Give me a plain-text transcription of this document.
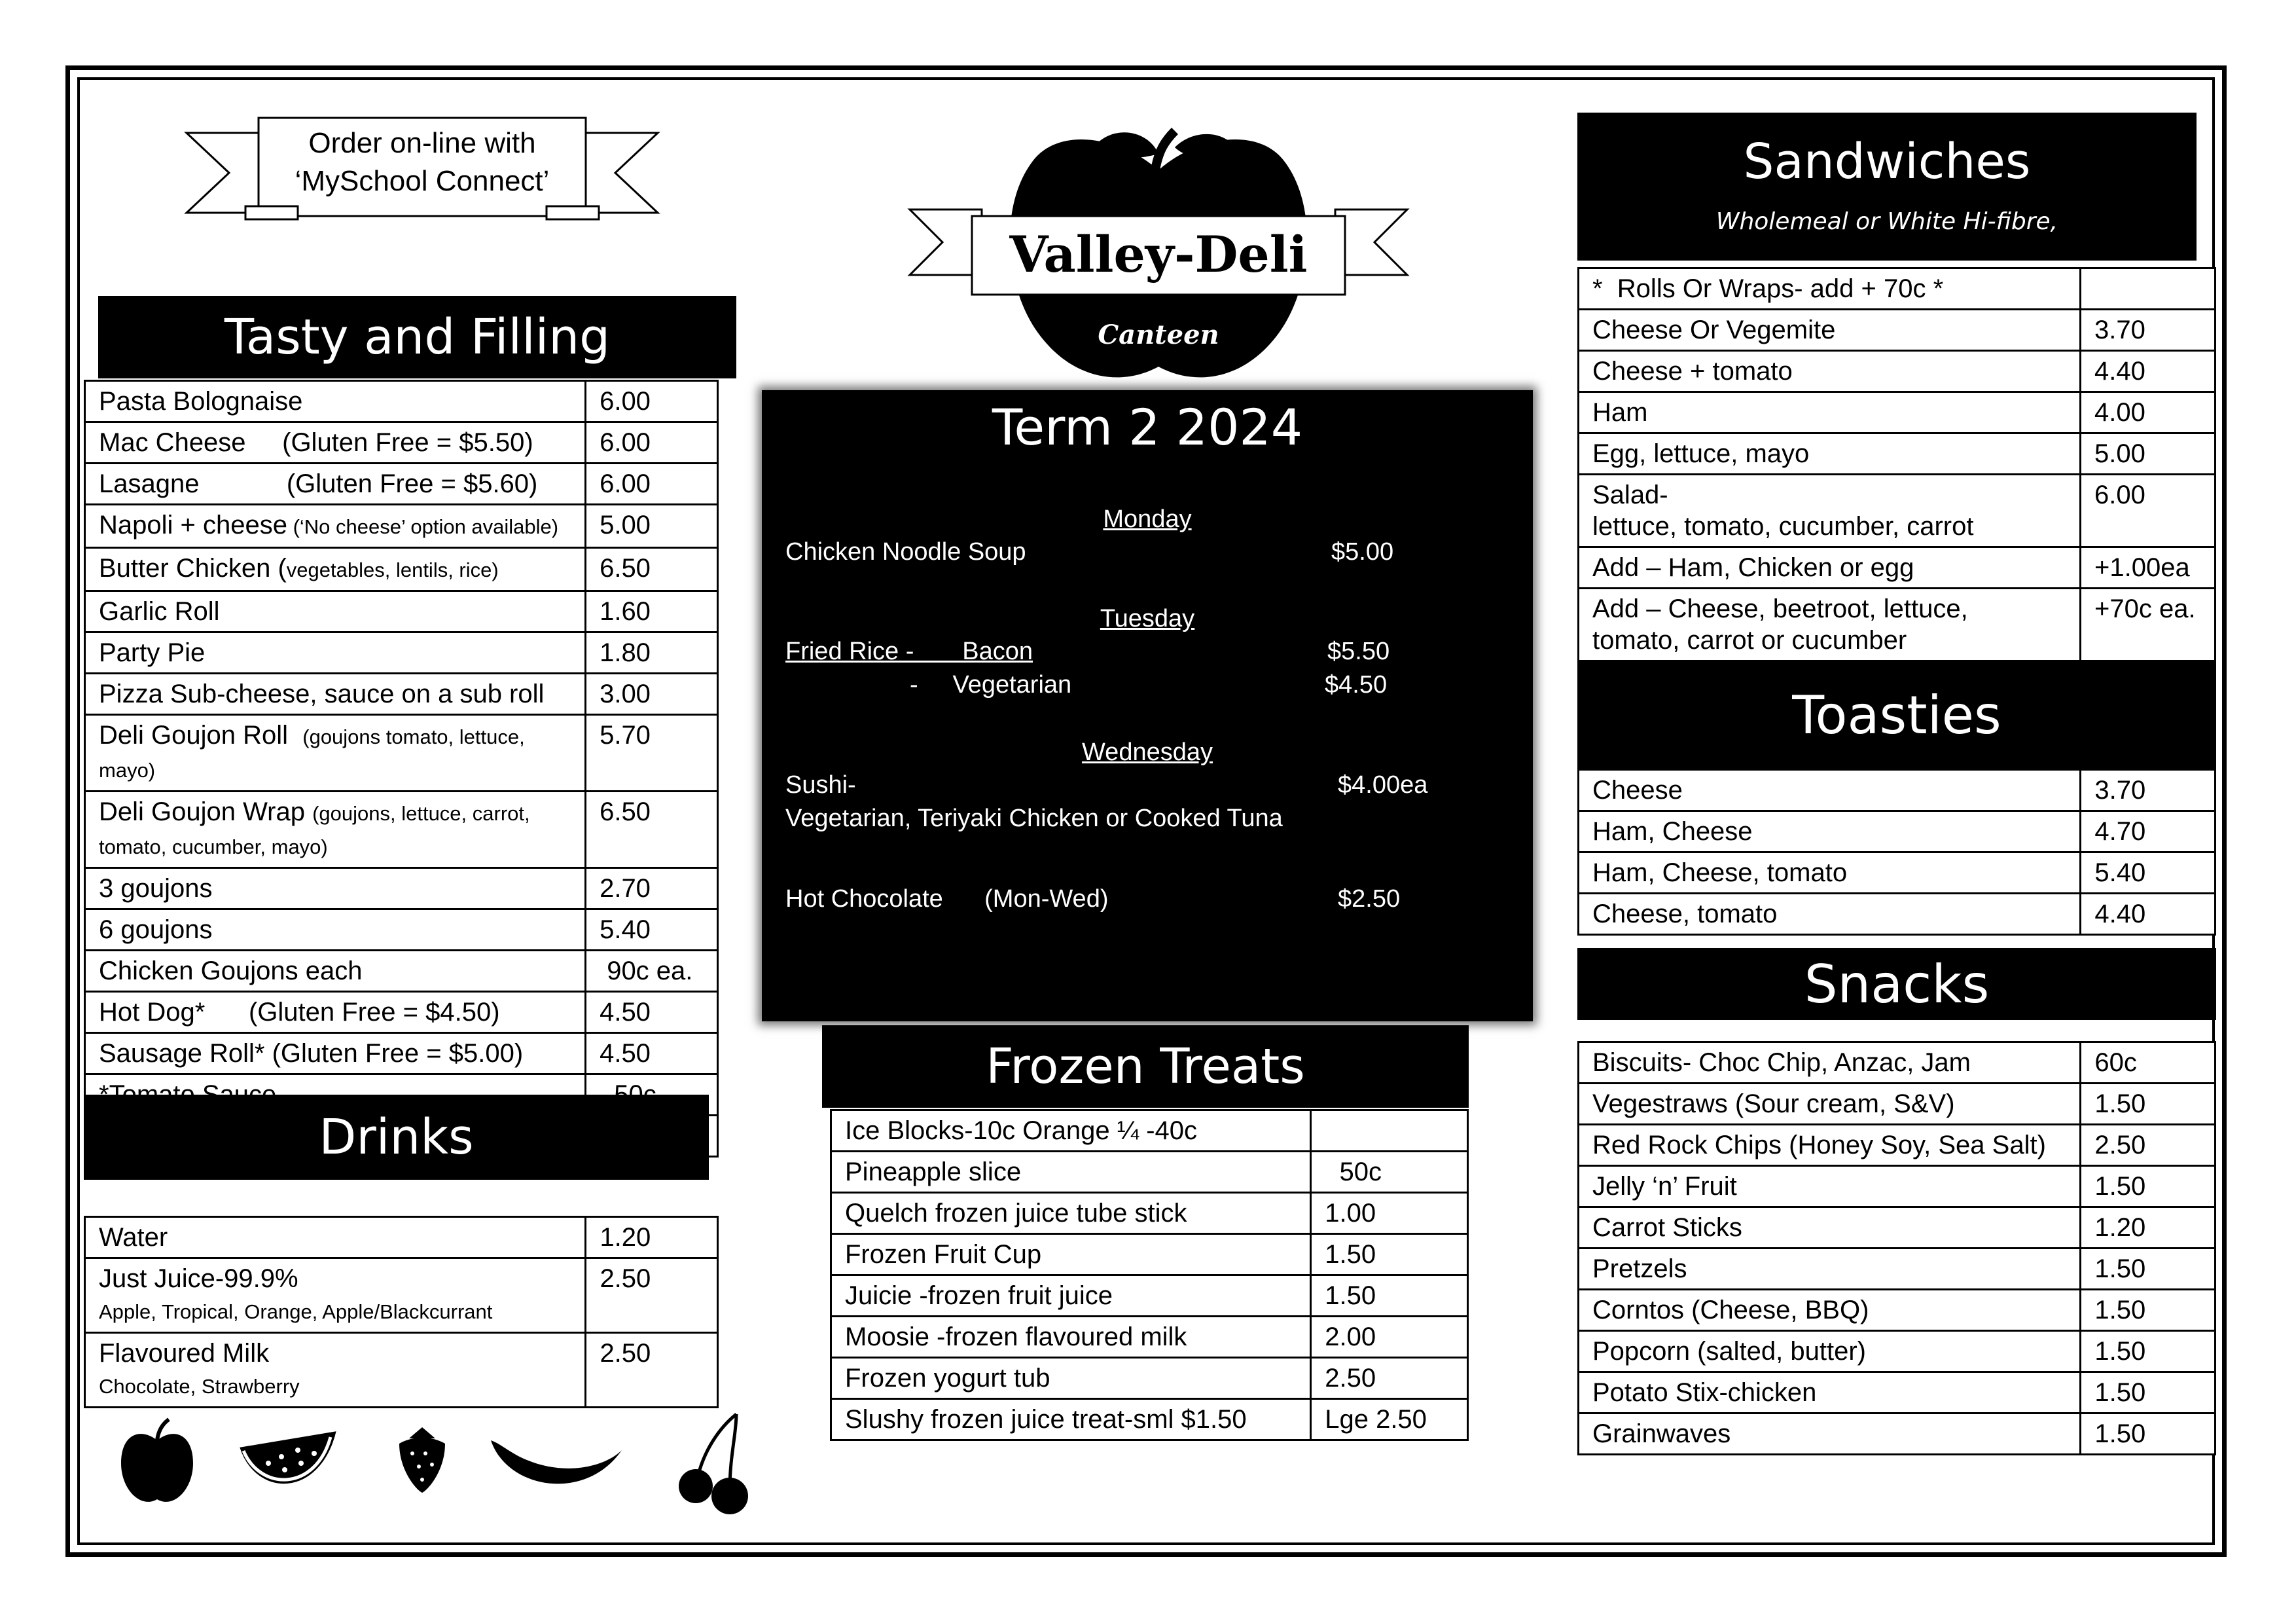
Order on-line with
‘MySchool Connect’
Valley-Deli
Canteen
Tasty and Filling
Pasta Bolognaise	6.00
Mac Cheese     (Gluten Free = $5.50)	6.00
Lasagne            (Gluten Free = $5.60)	6.00
Napoli + cheese (‘No cheese’ option available)	5.00
Butter Chicken (vegetables, lentils, rice)	6.50
Garlic Roll	1.60
Party Pie	1.80
Pizza Sub-cheese, sauce on a sub roll	3.00
Deli Goujon Roll  (goujons tomato, lettuce, mayo)	5.70
Deli Goujon Wrap (goujons, lettuce, carrot, tomato, cucumber, mayo)	6.50
3 goujons	2.70
6 goujons	5.40
Chicken Goujons each	90c ea.
Hot Dog*      (Gluten Free = $4.50)	4.50
Sausage Roll* (Gluten Free = $5.00)	4.50

Drinks
Water	1.20
Just Juice-99.9%
Apple, Tropical, Orange, Apple/Blackcurrant	2.50
Flavoured Milk
Chocolate, Strawberry	2.50
Term 2 2024
Monday
Chicken Noodle Soup	$5.00
Tuesday
Fried Rice -       Bacon	$5.50
-     Vegetarian	$4.50
Wednesday
Sushi-	$4.00ea
Vegetarian, Teriyaki Chicken or Cooked Tuna
Hot Chocolate      (Mon-Wed)	$2.50
Frozen Treats
Ice Blocks-10c Orange ¼ -40c	
Pineapple slice	50c
Quelch frozen juice tube stick	1.00
Frozen Fruit Cup	1.50
Juicie -frozen fruit juice	1.50
Moosie -frozen flavoured milk	2.00
Frozen yogurt tub	2.50
Slushy frozen juice treat-sml $1.50	Lge 2.50
Sandwiches
Wholemeal or White Hi-fibre,
*  Rolls Or Wraps- add + 70c *	
Cheese Or Vegemite	3.70
Cheese + tomato	4.40
Ham	4.00
Egg, lettuce, mayo	5.00
Salad-
lettuce, tomato, cucumber, carrot	6.00
Add – Ham, Chicken or egg	+1.00ea
Add – Cheese, beetroot, lettuce,
tomato, carrot or cucumber	+70c ea.
Toasties
Cheese	3.70
Ham, Cheese	4.70
Ham, Cheese, tomato	5.40
Cheese, tomato	4.40
Snacks
Biscuits- Choc Chip, Anzac, Jam	60c
Vegestraws (Sour cream, S&V)	1.50
Red Rock Chips (Honey Soy, Sea Salt)	2.50
Jelly ‘n’ Fruit	1.50
Carrot Sticks	1.20
Pretzels	1.50
Corntos (Cheese, BBQ)	1.50
Popcorn (salted, butter)	1.50
Potato Stix-chicken	1.50
Grainwaves	1.50
